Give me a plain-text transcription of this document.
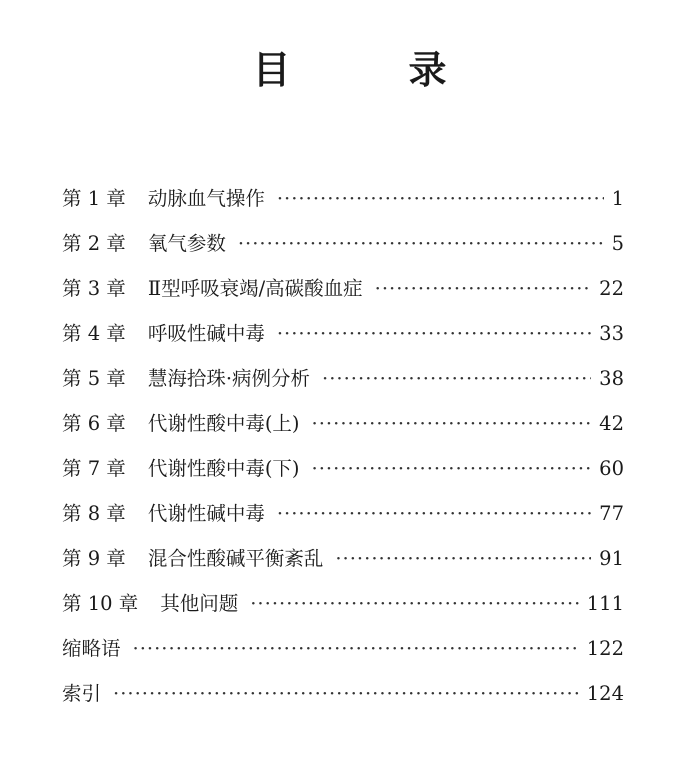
目　录
第 1 章 动脉血气操作 ·····	1
第 2 章 氧气参数 ·····	5
第 3 章 Ⅱ型呼吸衰竭/高碳酸血症 ·····	22
第 4 章 呼吸性碱中毒 ·····	33
第 5 章 慧海拾珠·病例分析 ·····	38
第 6 章 代谢性酸中毒(上) ·····	42
第 7 章 代谢性酸中毒(下) ·····	60
第 8 章 代谢性碱中毒 ·····	77
第 9 章 混合性酸碱平衡紊乱 ·····	91
第 10 章 其他问题 ·····	111
缩略语 ·····	122
索引 ·····	124
